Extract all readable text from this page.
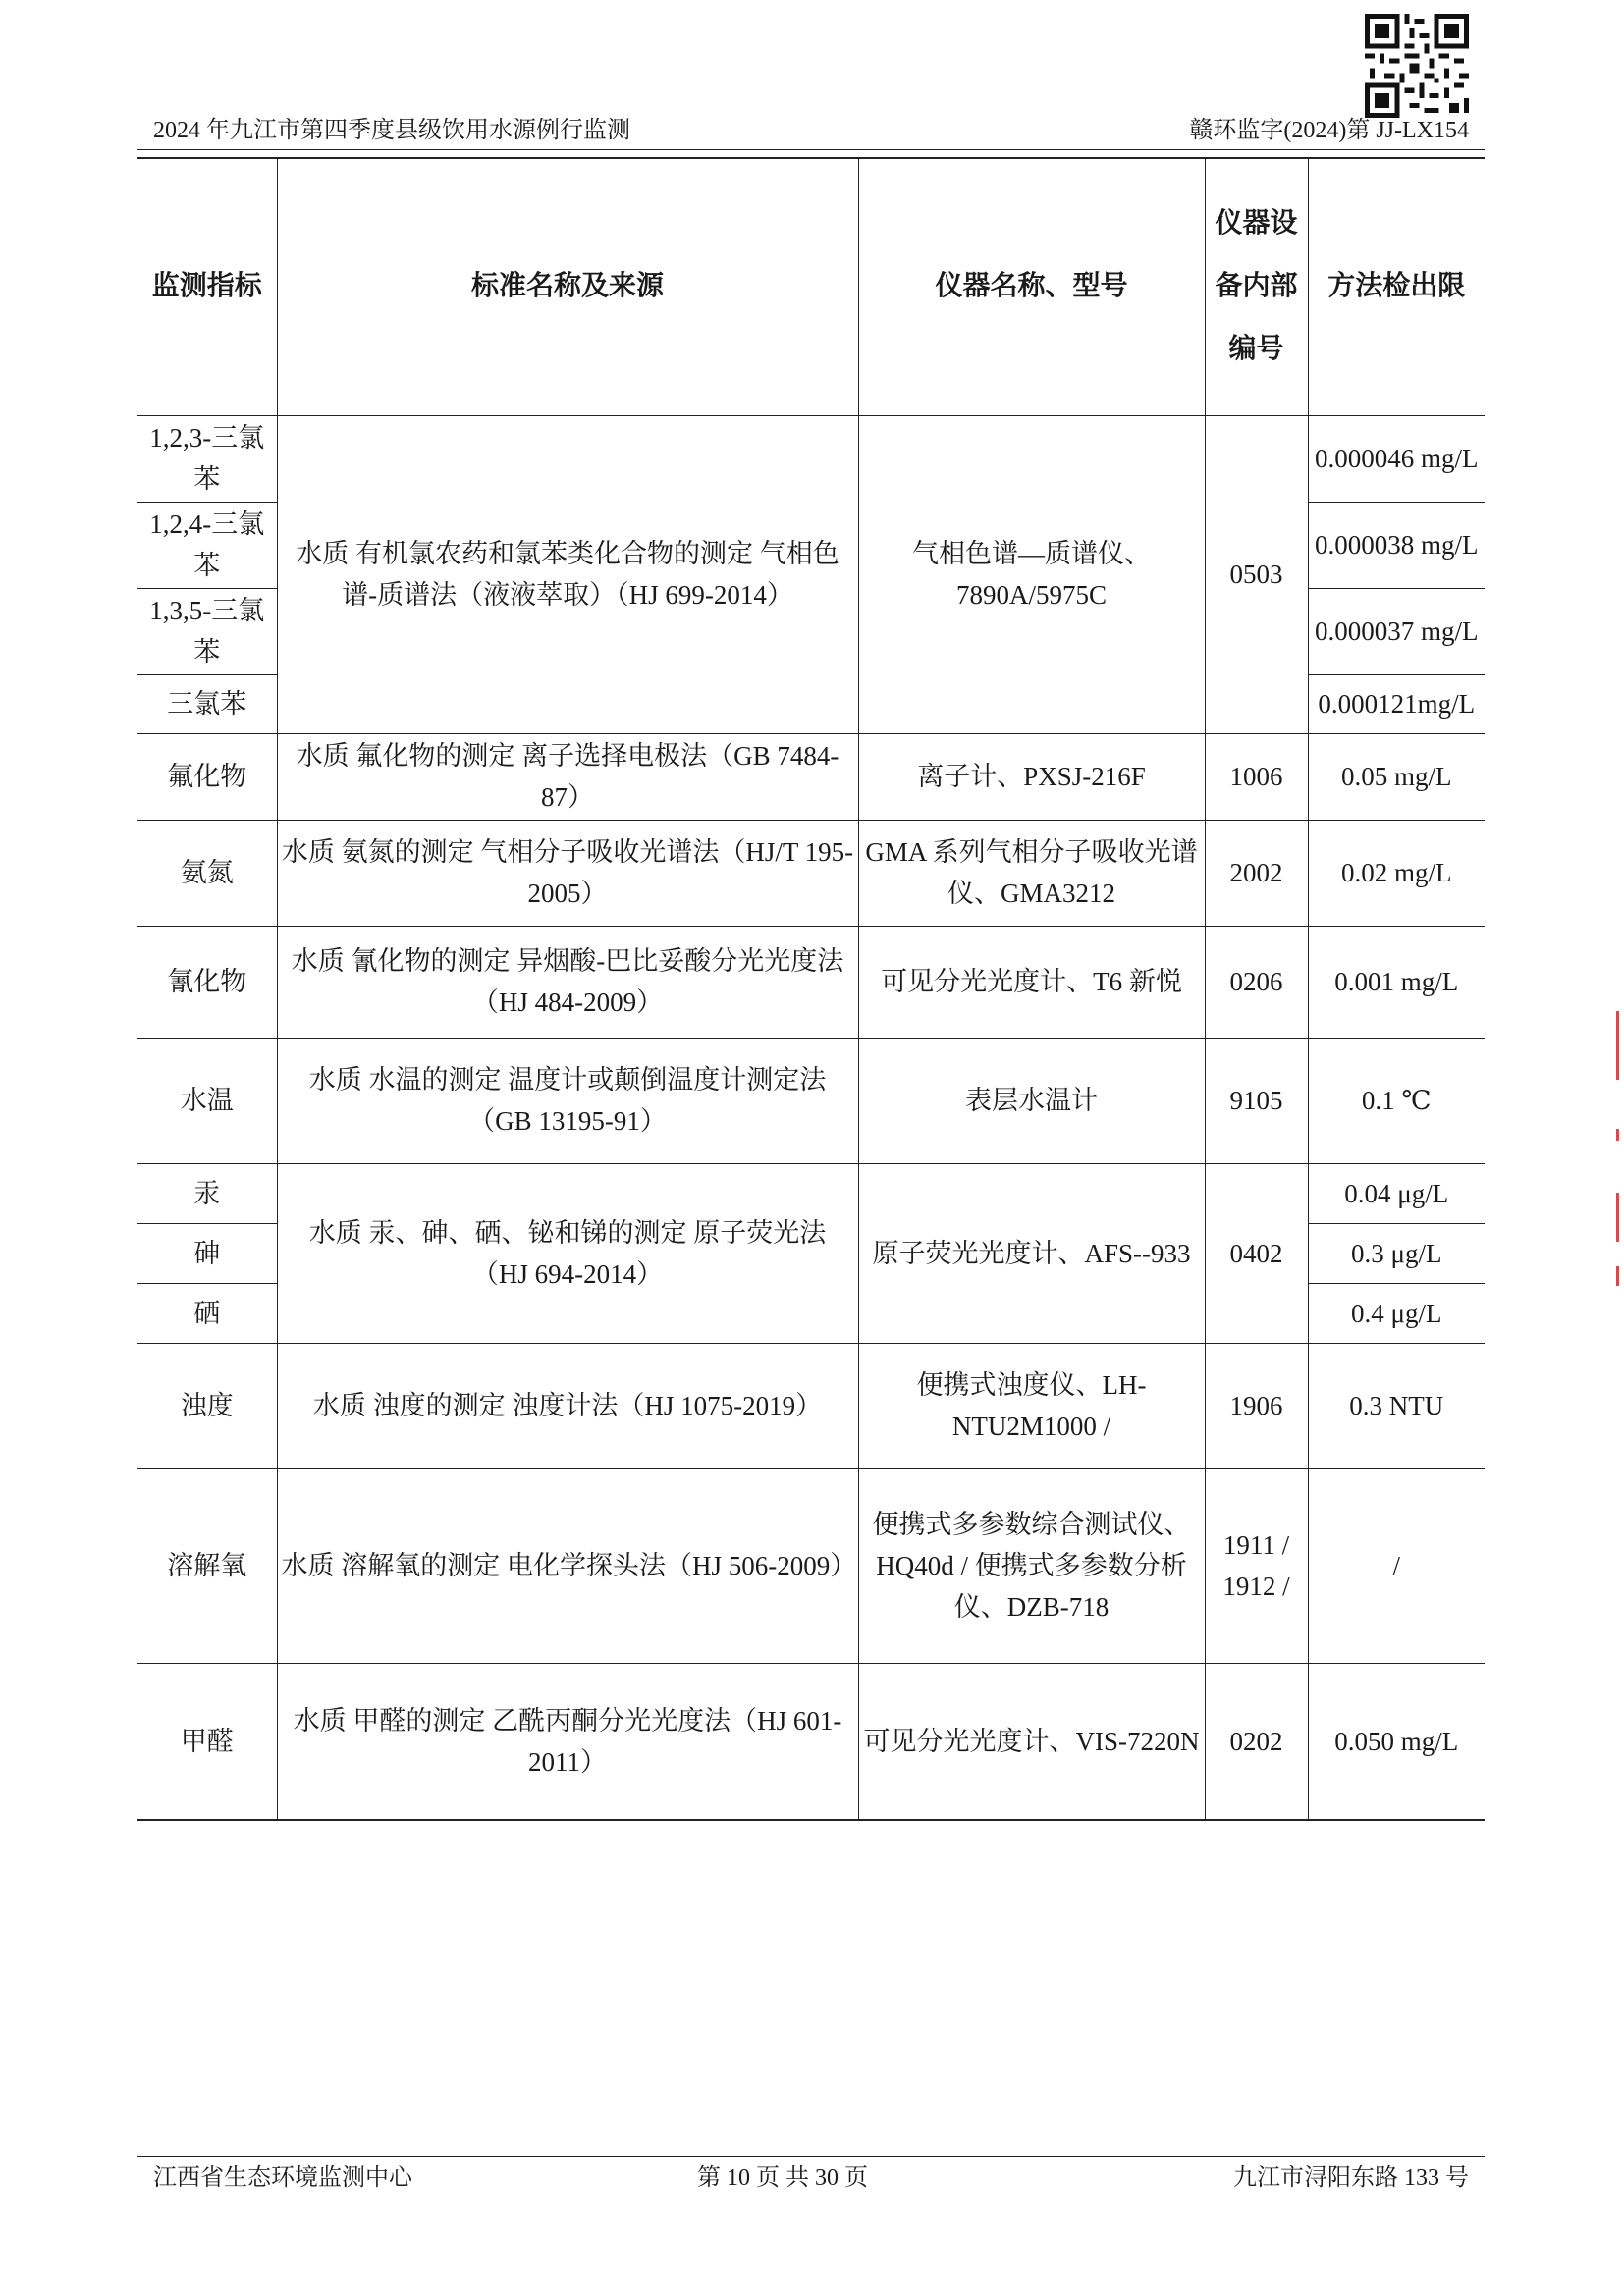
2024 年九江市第四季度县级饮用水源例行监测	赣环监字(2024)第 JJ-LX154
监测指标	标准名称及来源	仪器名称、型号	仪器设备内部编号	方法检出限
1,2,3-三氯苯	水质 有机氯农药和氯苯类化合物的测定 气相色谱-质谱法（液液萃取）（HJ 699-2014）	气相色谱—质谱仪、7890A/5975C	0503	0.000046 mg/L
1,2,4-三氯苯				0.000038 mg/L
1,3,5-三氯苯				0.000037 mg/L
三氯苯				0.000121mg/L
氟化物	水质 氟化物的测定 离子选择电极法（GB 7484-87）	离子计、PXSJ-216F	1006	0.05 mg/L
氨氮	水质 氨氮的测定 气相分子吸收光谱法（HJ/T 195-2005）	GMA 系列气相分子吸收光谱仪、GMA3212	2002	0.02 mg/L
氰化物	水质 氰化物的测定 异烟酸-巴比妥酸分光光度法（HJ 484-2009）	可见分光光度计、T6 新悦	0206	0.001 mg/L
水温	水质 水温的测定 温度计或颠倒温度计测定法（GB 13195-91）	表层水温计	9105	0.1 ℃
汞	水质 汞、砷、硒、铋和锑的测定 原子荧光法（HJ 694-2014）	原子荧光光度计、AFS--933	0402	0.04 μg/L
砷				0.3 μg/L
硒				0.4 μg/L
浊度	水质 浊度的测定 浊度计法（HJ 1075-2019）	便携式浊度仪、LH-NTU2M1000 /	1906	0.3 NTU
溶解氧	水质 溶解氧的测定 电化学探头法（HJ 506-2009）	便携式多参数综合测试仪、HQ40d / 便携式多参数分析仪、DZB-718	1911 / 1912 /	/
甲醛	水质 甲醛的测定 乙酰丙酮分光光度法（HJ 601-2011）	可见分光光度计、VIS-7220N	0202	0.050 mg/L
江西省生态环境监测中心	第 10 页 共 30 页	九江市浔阳东路 133 号
